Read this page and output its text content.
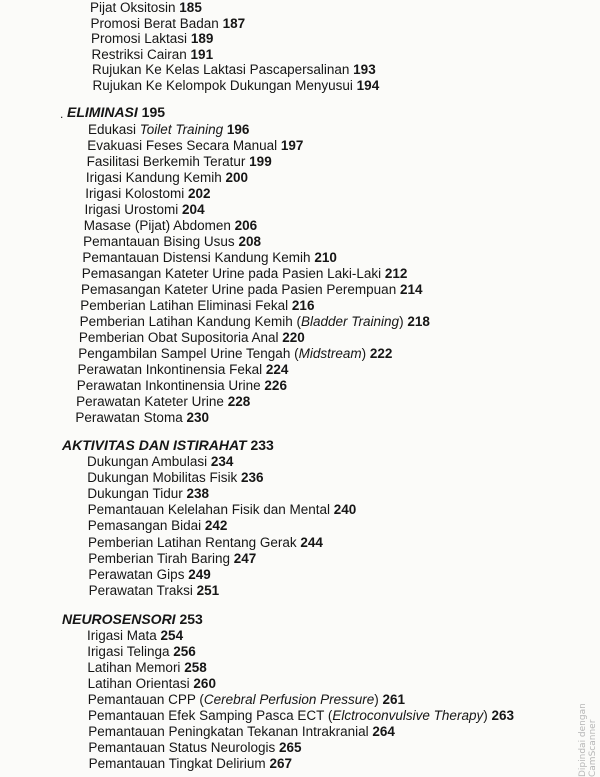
Pijat Oksitosin 185
Promosi Berat Badan 187
Promosi Laktasi 189
Restriksi Cairan 191
Rujukan Ke Kelas Laktasi Pascapersalinan 193
Rujukan Ke Kelompok Dukungan Menyusui 194
ELIMINASI 195
Edukasi Toilet Training 196
Evakuasi Feses Secara Manual 197
Fasilitasi Berkemih Teratur 199
Irigasi Kandung Kemih 200
Irigasi Kolostomi 202
Irigasi Urostomi 204
Masase (Pijat) Abdomen 206
Pemantauan Bising Usus 208
Pemantauan Distensi Kandung Kemih 210
Pemasangan Kateter Urine pada Pasien Laki-Laki 212
Pemasangan Kateter Urine pada Pasien Perempuan 214
Pemberian Latihan Eliminasi Fekal 216
Pemberian Latihan Kandung Kemih (Bladder Training) 218
Pemberian Obat Supositoria Anal 220
Pengambilan Sampel Urine Tengah (Midstream) 222
Perawatan Inkontinensia Fekal 224
Perawatan Inkontinensia Urine 226
Perawatan Kateter Urine 228
Perawatan Stoma 230
AKTIVITAS DAN ISTIRAHAT 233
Dukungan Ambulasi 234
Dukungan Mobilitas Fisik 236
Dukungan Tidur 238
Pemantauan Kelelahan Fisik dan Mental 240
Pemasangan Bidai 242
Pemberian Latihan Rentang Gerak 244
Pemberian Tirah Baring 247
Perawatan Gips 249
Perawatan Traksi 251
NEUROSENSORI 253
Irigasi Mata 254
Irigasi Telinga 256
Latihan Memori 258
Latihan Orientasi 260
Pemantauan CPP (Cerebral Perfusion Pressure) 261
Pemantauan Efek Samping Pasca ECT (Elctroconvulsive Therapy) 263
Pemantauan Peningkatan Tekanan Intrakranial 264
Pemantauan Status Neurologis 265
Pemantauan Tingkat Delirium 267
.
Dipindai dengan CamScanner
